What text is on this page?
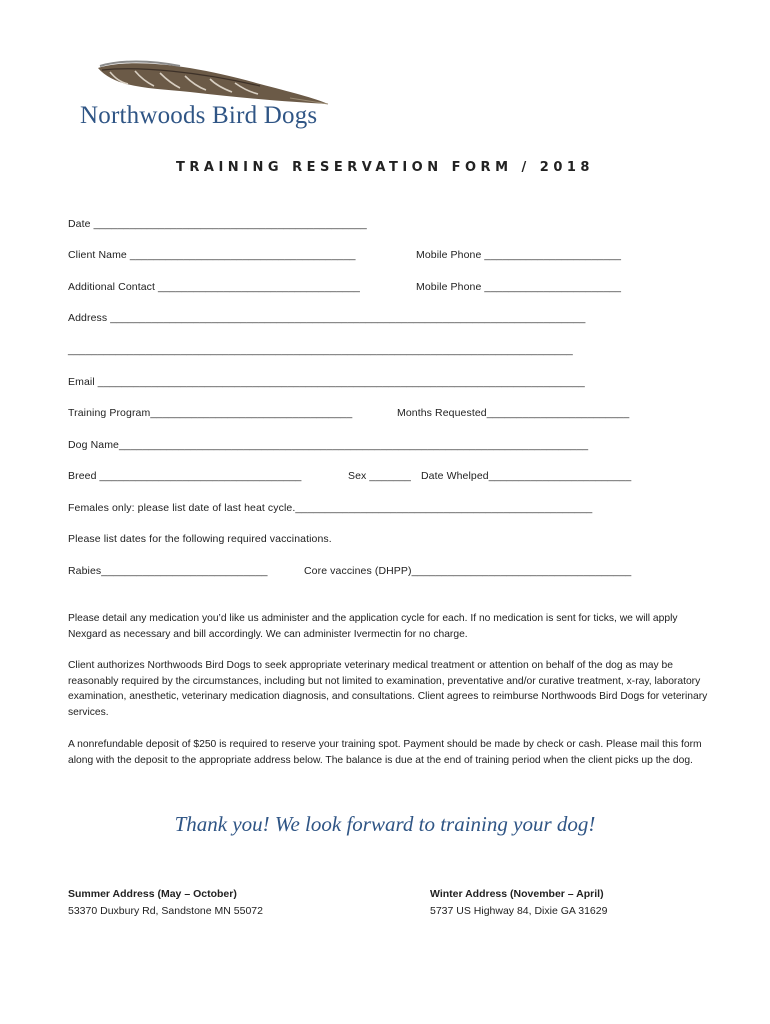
Northwoods Bird Dogs
TRAINING RESERVATION FORM / 2018
Date ______________________________________________
Client Name ______________________________________	Mobile Phone _______________________
Additional Contact __________________________________	Mobile Phone _______________________
Address ________________________________________________________________________________
_____________________________________________________________________________________
Email __________________________________________________________________________________
Training Program__________________________________	Months Requested________________________
Dog Name_______________________________________________________________________________
Breed __________________________________	Sex _______ Date Whelped________________________
Females only: please list date of last heat cycle.__________________________________________________
Please list dates for the following required vaccinations.
Rabies____________________________	Core vaccines (DHPP)_____________________________________
Please detail any medication you’d like us administer and the application cycle for each. If no medication is sent for ticks, we will apply Nexgard as necessary and bill accordingly. We can administer Ivermectin for no charge.
Client authorizes Northwoods Bird Dogs to seek appropriate veterinary medical treatment or attention on behalf of the dog as may be reasonably required by the circumstances, including but not limited to examination, preventative and/or curative treatment, x-ray, laboratory examination, anesthetic, veterinary medication diagnosis, and consultations. Client agrees to reimburse Northwoods Bird Dogs for veterinary services.
A nonrefundable deposit of $250 is required to reserve your training spot. Payment should be made by check or cash. Please mail this form along with the deposit to the appropriate address below. The balance is due at the end of training period when the client picks up the dog.
Thank you! We look forward to training your dog!
Summer Address (May – October)
53370 Duxbury Rd, Sandstone MN 55072
Winter Address (November – April)
5737 US Highway 84, Dixie GA 31629
